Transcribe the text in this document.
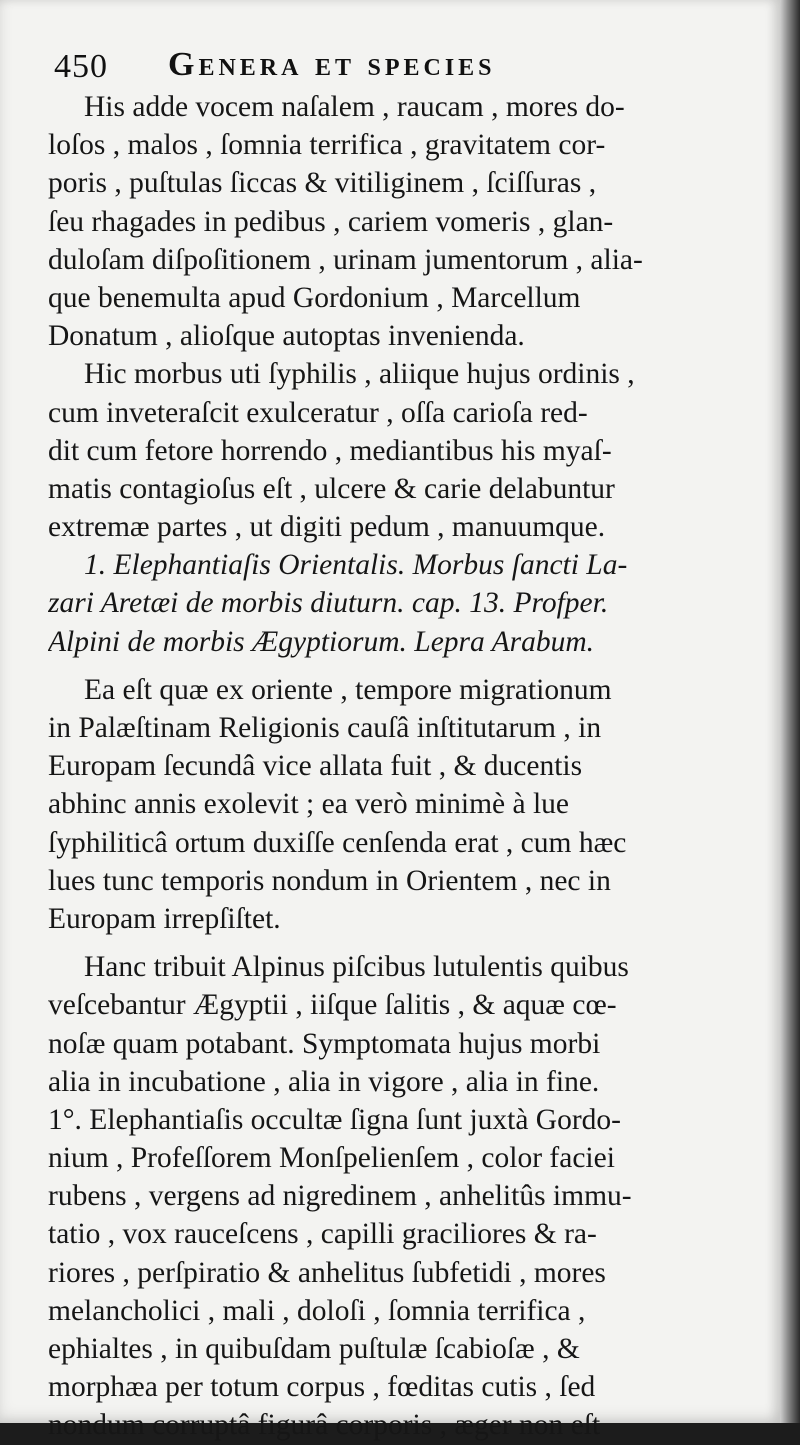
450 Genera et species
His adde vocem naſalem , raucam , mores do-
loſos , malos , ſomnia terrifica , gravitatem cor-
poris , puſtulas ſiccas & vitiliginem , ſciſſuras ,
ſeu rhagades in pedibus , cariem vomeris , glan-
duloſam diſpoſitionem , urinam jumentorum , alia-
que benemulta apud Gordonium , Marcellum
Donatum , alioſque autoptas invenienda.
Hic morbus uti ſyphilis , aliique hujus ordinis ,
cum inveteraſcit exulceratur , oſſa carioſa red-
dit cum fetore horrendo , mediantibus his myaſ-
matis contagioſus eſt , ulcere & carie delabuntur
extremæ partes , ut digiti pedum , manuumque.
1. Elephantiaſis Orientalis. Morbus ſancti La-
zari Aretæi de morbis diuturn. cap. 13. Profper.
Alpini de morbis Ægyptiorum. Lepra Arabum.
Ea eſt quæ ex oriente , tempore migrationum
in Palæſtinam Religionis cauſâ inſtitutarum , in
Europam ſecundâ vice allata fuit , & ducentis
abhinc annis exolevit ; ea verò minimè à lue
ſyphiliticâ ortum duxiſſe cenſenda erat , cum hæc
lues tunc temporis nondum in Orientem , nec in
Europam irrepſiſtet.
Hanc tribuit Alpinus piſcibus lutulentis quibus
veſcebantur Ægyptii , iiſque ſalitis , & aquæ cœ-
noſæ quam potabant. Symptomata hujus morbi
alia in incubatione , alia in vigore , alia in fine.
1°. Elephantiaſis occultæ ſigna ſunt juxtà Gordo-
nium , Profeſſorem Monſpelienſem , color faciei
rubens , vergens ad nigredinem , anhelitûs immu-
tatio , vox rauceſcens , capilli graciliores & ra-
riores , perſpiratio & anhelitus ſubfetidi , mores
melancholici , mali , doloſi , ſomnia terrifica ,
ephialtes , in quibuſdam puſtulæ ſcabioſæ , &
morphæa per totum corpus , fœditas cutis , ſed
nondum corruptâ figurâ corporis , æger non eſt
